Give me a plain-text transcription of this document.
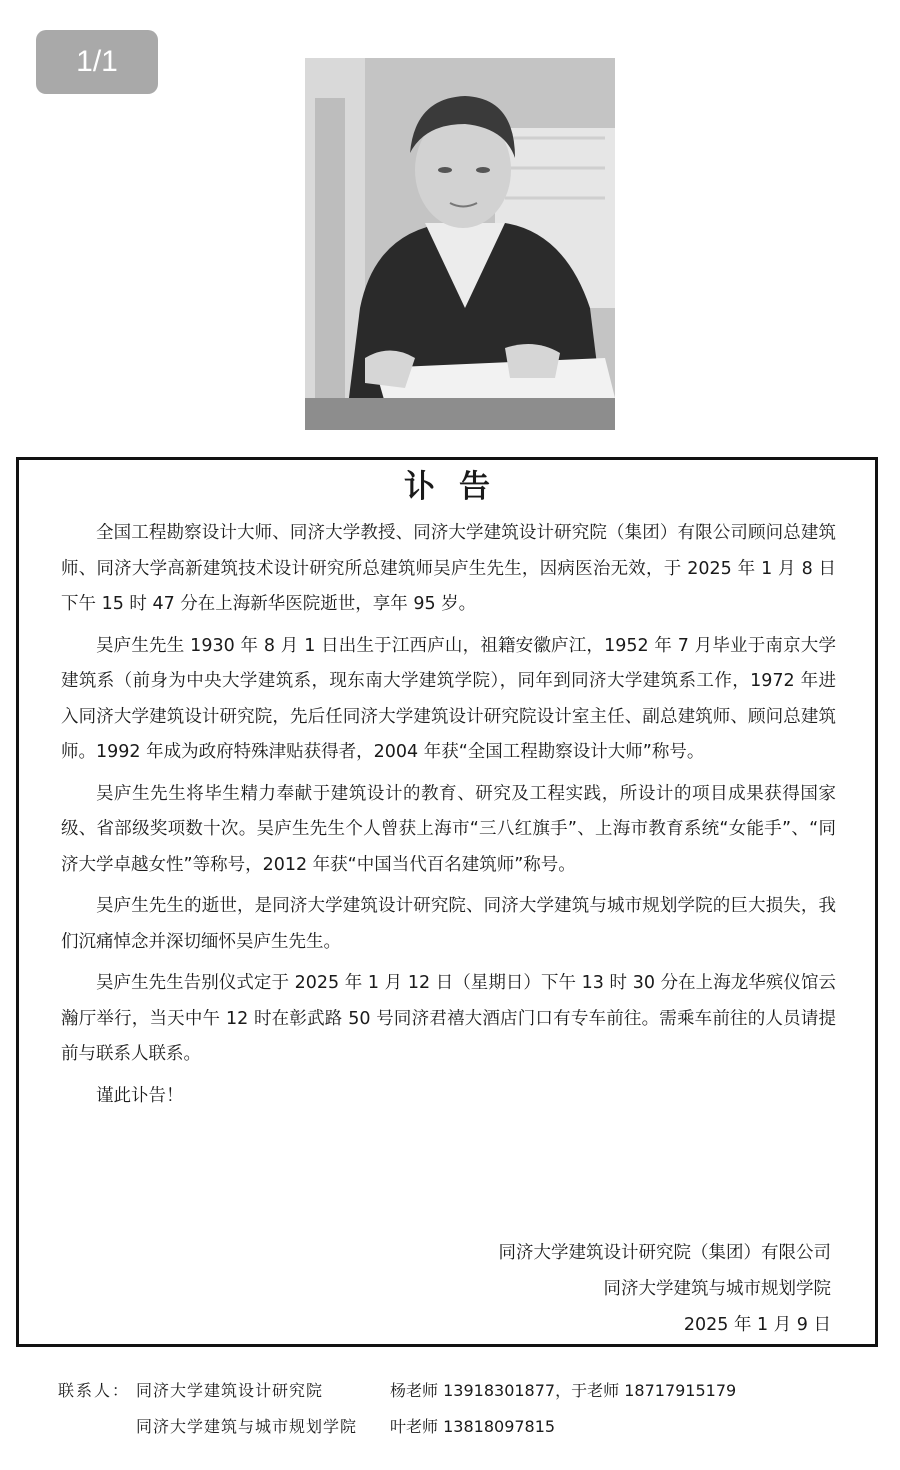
1/1
讣告

全国工程勘察设计大师、同济大学教授、同济大学建筑设计研究院（集团）有限公司顾问总建筑师、同济大学高新建筑技术设计研究所总建筑师吴庐生先生，因病医治无效，于 2025 年 1 月 8 日下午 15 时 47 分在上海新华医院逝世，享年 95 岁。

吴庐生先生 1930 年 8 月 1 日出生于江西庐山，祖籍安徽庐江，1952 年 7 月毕业于南京大学建筑系（前身为中央大学建筑系，现东南大学建筑学院），同年到同济大学建筑系工作，1972 年进入同济大学建筑设计研究院，先后任同济大学建筑设计研究院设计室主任、副总建筑师、顾问总建筑师。1992 年成为政府特殊津贴获得者，2004 年获“全国工程勘察设计大师”称号。

吴庐生先生将毕生精力奉献于建筑设计的教育、研究及工程实践，所设计的项目成果获得国家级、省部级奖项数十次。吴庐生先生个人曾获上海市“三八红旗手”、上海市教育系统“女能手”、“同济大学卓越女性”等称号，2012 年获“中国当代百名建筑师”称号。

吴庐生先生的逝世，是同济大学建筑设计研究院、同济大学建筑与城市规划学院的巨大损失，我们沉痛悼念并深切缅怀吴庐生先生。

吴庐生先生告别仪式定于 2025 年 1 月 12 日（星期日）下午 13 时 30 分在上海龙华殡仪馆云瀚厅举行，当天中午 12 时在彰武路 50 号同济君禧大酒店门口有专车前往。需乘车前往的人员请提前与联系人联系。

谨此讣告！

同济大学建筑设计研究院（集团）有限公司
同济大学建筑与城市规划学院
2025 年 1 月 9 日
联系人： 同济大学建筑设计研究院	杨老师 13918301877，于老师 18717915179
同济大学建筑与城市规划学院 叶老师 13818097815
